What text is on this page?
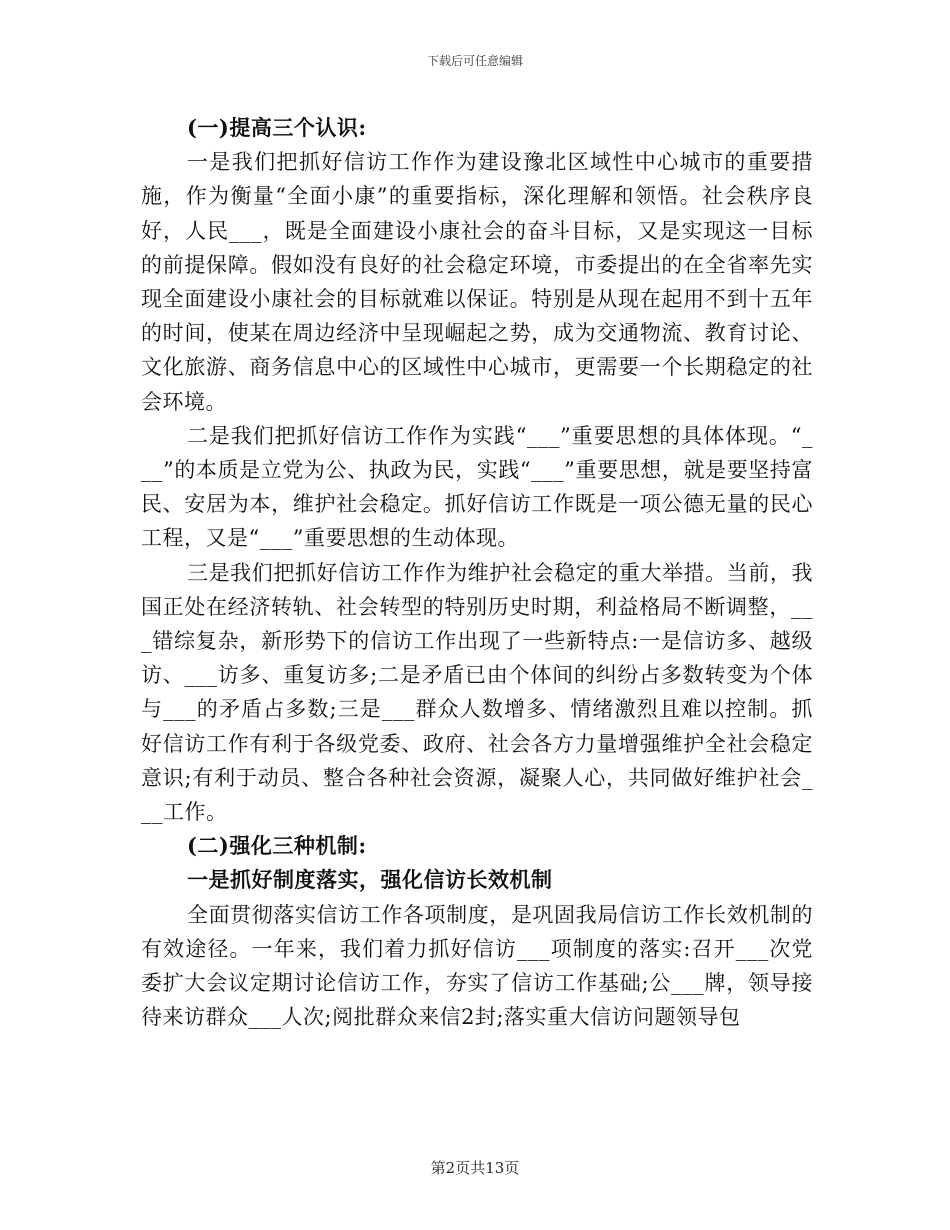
下载后可任意编辑

(一)提高三个认识:

一是我们把抓好信访工作作为建设豫北区域性中心城市的重要措施，作为衡量“全面小康”的重要指标，深化理解和领悟。社会秩序良好，人民___，既是全面建设小康社会的奋斗目标，又是实现这一目标的前提保障。假如没有良好的社会稳定环境，市委提出的在全省率先实现全面建设小康社会的目标就难以保证。特别是从现在起用不到十五年的时间，使某在周边经济中呈现崛起之势，成为交通物流、教育讨论、文化旅游、商务信息中心的区域性中心城市，更需要一个长期稳定的社会环境。

二是我们把抓好信访工作作为实践“___”重要思想的具体体现。“___”的本质是立党为公、执政为民，实践“___”重要思想，就是要坚持富民、安居为本，维护社会稳定。抓好信访工作既是一项公德无量的民心工程，又是“___”重要思想的生动体现。

三是我们把抓好信访工作作为维护社会稳定的重大举措。当前，我国正处在经济转轨、社会转型的特别历史时期，利益格局不断调整，___错综复杂，新形势下的信访工作出现了一些新特点:一是信访多、越级访、___访多、重复访多;二是矛盾已由个体间的纠纷占多数转变为个体与___的矛盾占多数;三是___群众人数增多、情绪激烈且难以控制。抓好信访工作有利于各级党委、政府、社会各方力量增强维护全社会稳定意识;有利于动员、整合各种社会资源，凝聚人心，共同做好维护社会___工作。

(二)强化三种机制:

一是抓好制度落实，强化信访长效机制

全面贯彻落实信访工作各项制度，是巩固我局信访工作长效机制的有效途径。一年来，我们着力抓好信访___项制度的落实:召开___次党委扩大会议定期讨论信访工作，夯实了信访工作基础;公___牌，领导接待来访群众___人次;阅批群众来信2封;落实重大信访问题领导包

第2页共13页
